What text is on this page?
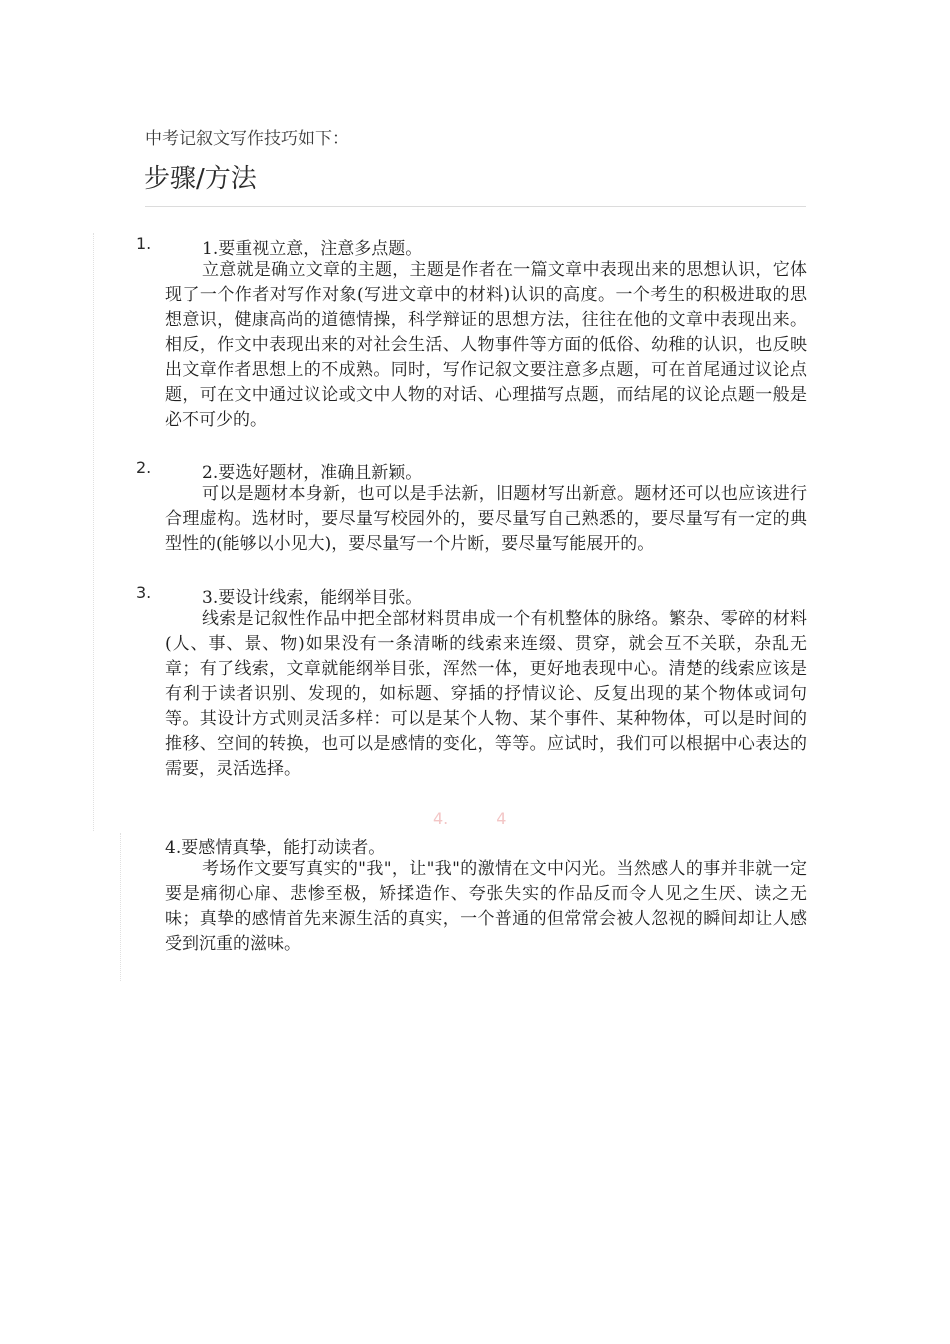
中考记叙文写作技巧如下：

步骤/方法
1.	1.要重视立意，注意多点题。

立意就是确立文章的主题，主题是作者在一篇文章中表现出来的思想认识，它体现了一个作者对写作对象(写进文章中的材料)认识的高度。一个考生的积极进取的思想意识，健康高尚的道德情操，科学辩证的思想方法，往往在他的文章中表现出来。相反，作文中表现出来的对社会生活、人物事件等方面的低俗、幼稚的认识，也反映出文章作者思想上的不成熟。同时，写作记叙文要注意多点题，可在首尾通过议论点题，可在文中通过议论或文中人物的对话、心理描写点题，而结尾的议论点题一般是必不可少的。

2.	2.要选好题材，准确且新颖。

可以是题材本身新，也可以是手法新，旧题材写出新意。题材还可以也应该进行合理虚构。选材时，要尽量写校园外的，要尽量写自己熟悉的，要尽量写有一定的典型性的(能够以小见大)，要尽量写一个片断，要尽量写能展开的。

3.	3.要设计线索，能纲举目张。

线索是记叙性作品中把全部材料贯串成一个有机整体的脉络。繁杂、零碎的材料(人、事、景、物)如果没有一条清晰的线索来连缀、贯穿，就会互不关联，杂乱无章；有了线索，文章就能纲举目张，浑然一体，更好地表现中心。清楚的线索应该是有利于读者识别、发现的，如标题、穿插的抒情议论、反复出现的某个物体或词句等。其设计方式则灵活多样：可以是某个人物、某个事件、某种物体，可以是时间的推移、空间的转换，也可以是感情的变化，等等。应试时，我们可以根据中心表达的需要，灵活选择。

4.	4
4.要感情真挚，能打动读者。

考场作文要写真实的"我"，让"我"的激情在文中闪光。当然感人的事并非就一定要是痛彻心扉、悲惨至极，矫揉造作、夸张失实的作品反而令人见之生厌、读之无味；真挚的感情首先来源生活的真实，一个普通的但常常会被人忽视的瞬间却让人感受到沉重的滋味。
